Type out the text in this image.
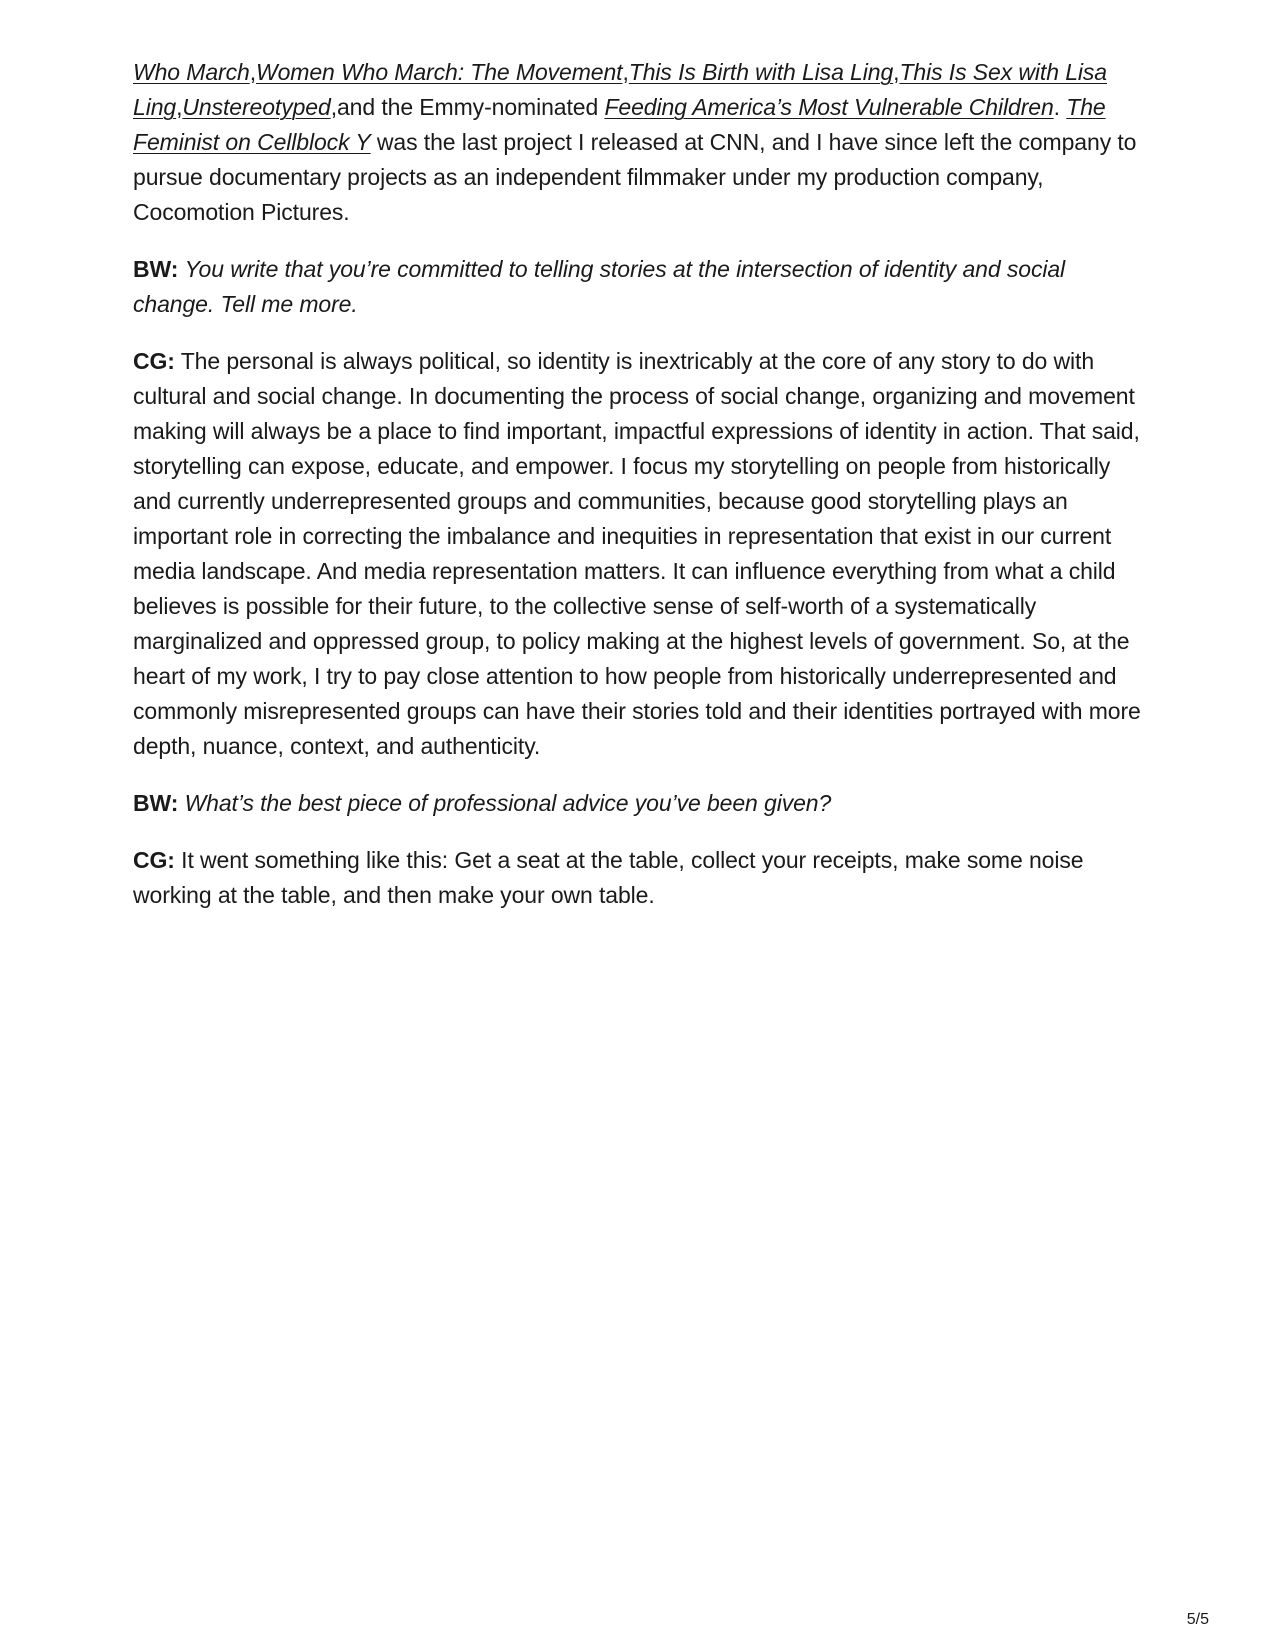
Who March,Women Who March: The Movement,This Is Birth with Lisa Ling,This Is Sex with Lisa Ling,Unstereotyped,and the Emmy-nominated Feeding America’s Most Vulnerable Children. The Feminist on Cellblock Y was the last project I released at CNN, and I have since left the company to pursue documentary projects as an independent filmmaker under my production company, Cocomotion Pictures.

BW: You write that you’re committed to telling stories at the intersection of identity and social change. Tell me more.

CG: The personal is always political, so identity is inextricably at the core of any story to do with cultural and social change. In documenting the process of social change, organizing and movement making will always be a place to find important, impactful expressions of identity in action. That said, storytelling can expose, educate, and empower. I focus my storytelling on people from historically and currently underrepresented groups and communities, because good storytelling plays an important role in correcting the imbalance and inequities in representation that exist in our current media landscape. And media representation matters. It can influence everything from what a child believes is possible for their future, to the collective sense of self-worth of a systematically marginalized and oppressed group, to policy making at the highest levels of government. So, at the heart of my work, I try to pay close attention to how people from historically underrepresented and commonly misrepresented groups can have their stories told and their identities portrayed with more depth, nuance, context, and authenticity.

BW: What’s the best piece of professional advice you’ve been given?

CG: It went something like this: Get a seat at the table, collect your receipts, make some noise working at the table, and then make your own table.

5/5
